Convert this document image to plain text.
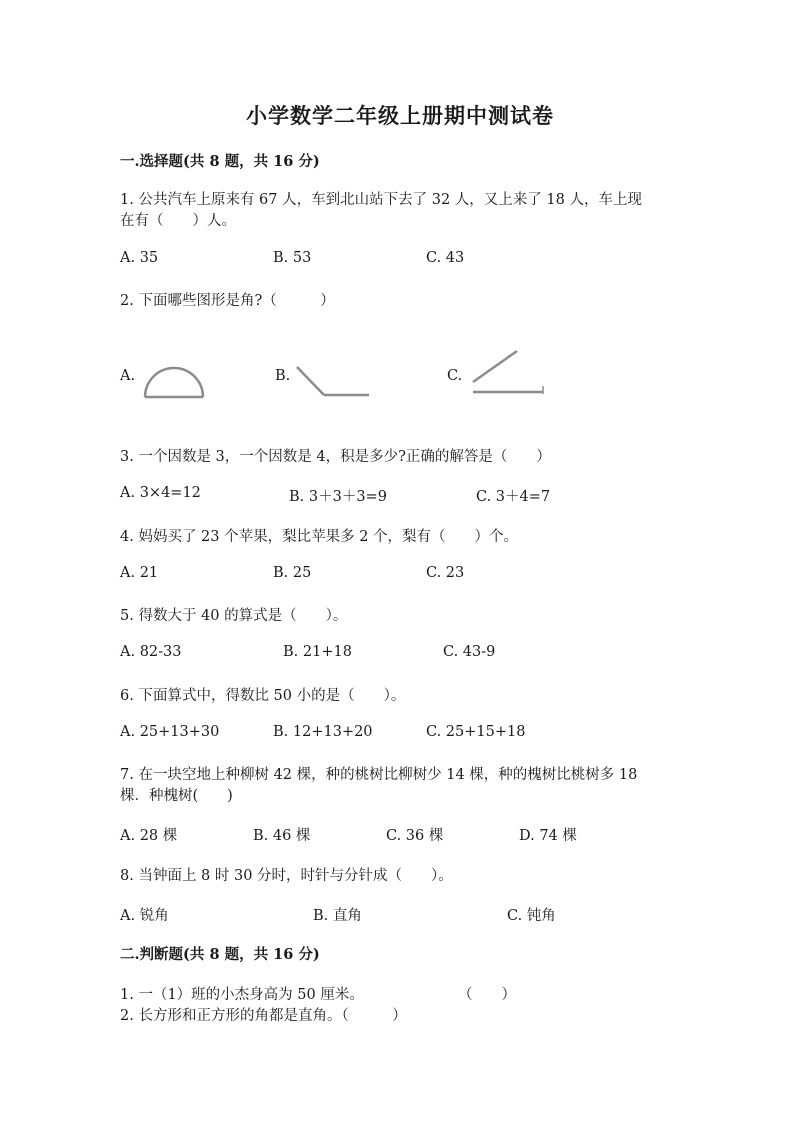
小学数学二年级上册期中测试卷
一.选择题(共 8 题，共 16 分)
1. 公共汽车上原来有 67 人，车到北山站下去了 32 人，又上来了 18 人，车上现
在有（　　）人。
A. 35	B. 53	C. 43
2. 下面哪些图形是角?（　　　）
A.	B.	C.
3. 一个因数是 3，一个因数是 4，积是多少?正确的解答是（　　）
A. 3×4=12	B. 3＋3＋3=9	C. 3＋4=7
4. 妈妈买了 23 个苹果，梨比苹果多 2 个，梨有（　　）个。
A. 21	B. 25	C. 23
5. 得数大于 40 的算式是（　　）。
A. 82-33	B. 21+18	C. 43-9
6. 下面算式中，得数比 50 小的是（　　）。
A. 25+13+30	B. 12+13+20	C. 25+15+18
7. 在一块空地上种柳树 42 棵，种的桃树比柳树少 14 棵，种的槐树比桃树多 18
棵．种槐树(　　)
A. 28 棵	B. 46 棵	C. 36 棵	D. 74 棵
8. 当钟面上 8 时 30 分时，时针与分针成（　　）。
A. 锐角	B. 直角	C. 钝角
二.判断题(共 8 题，共 16 分)
1. 一（1）班的小杰身高为 50 厘米。	（　　）
2. 长方形和正方形的角都是直角。（　　　）
